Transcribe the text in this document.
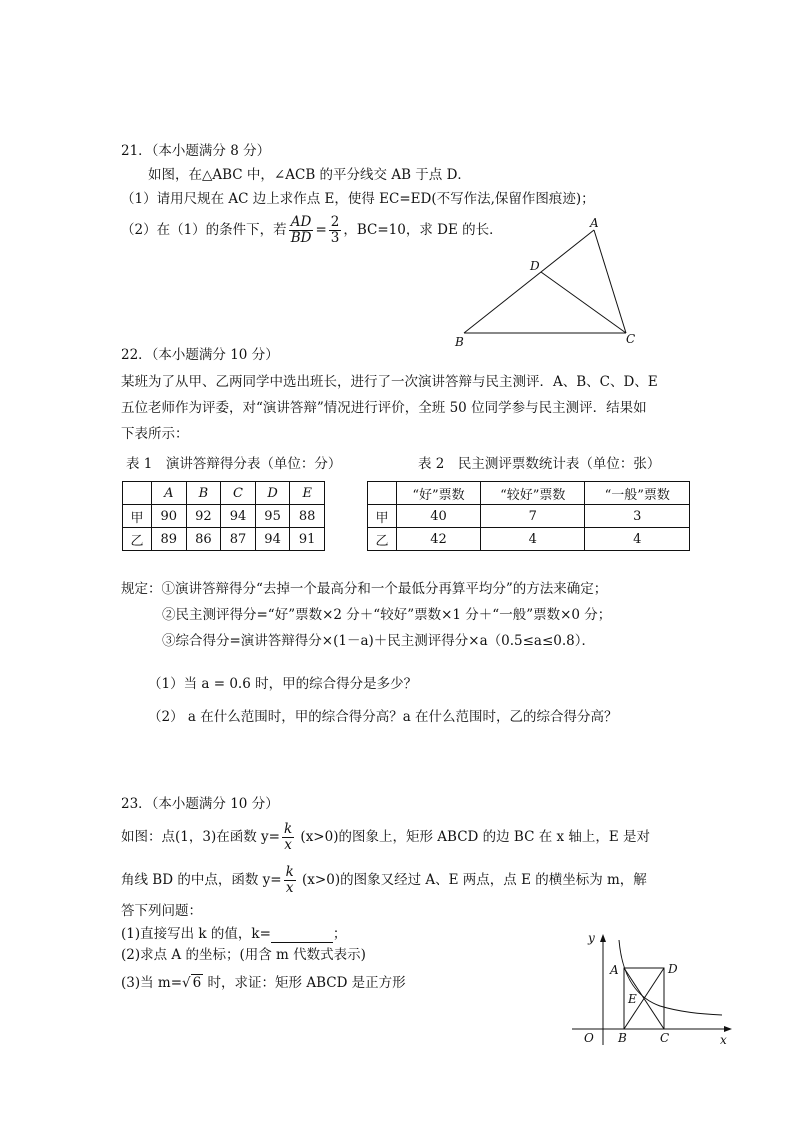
21．（本小题满分 8 分）
如图，在△ABC 中，∠ACB 的平分线交 AB 于点 D．
（1）请用尺规在 AC 边上求作点 E，使得 EC=ED(不写作法,保留作图痕迹)；
（2）在（1）的条件下，若 $\frac{AD}{BD} = \frac{2}{3}$ ，BC=10，求 DE 的长．	A
D
B	C
22．（本小题满分 10 分）
某班为了从甲、乙两同学中选出班长，进行了一次演讲答辩与民主测评．A、B、C、D、E
五位老师作为评委，对“演讲答辩”情况进行评价，全班 50 位同学参与民主测评．结果如
下表所示：
表 1　演讲答辩得分表（单位：分）	表 2　民主测评票数统计表（单位：张）
	A	B	C	D	E
甲	90	92	94	95	88
乙	89	86	87	94	91
	“好”票数	“较好”票数	“一般”票数
甲	40	7	3
乙	42	4	4
规定：①演讲答辩得分“去掉一个最高分和一个最低分再算平均分”的方法来确定；
②民主测评得分=“好”票数×2 分＋“较好”票数×1 分＋“一般”票数×0 分；
③综合得分=演讲答辩得分×(1－a)＋民主测评得分×a（0.5≤a≤0.8）．
（1）当 a = 0.6 时，甲的综合得分是多少？
（2） a 在什么范围时，甲的综合得分高？a 在什么范围时，乙的综合得分高？
23．（本小题满分 10 分）
如图：点(1，3)在函数 $y= \frac{k}{x} (x>0)$的图象上，矩形 ABCD 的边 BC 在 x 轴上，E 是对
角线 BD 的中点，函数 $y= \frac{k}{x} (x>0)$的图象又经过 A、E 两点，点 E 的横坐标为 m，解
答下列问题：
(1)直接写出 k 的值，k=	；
(2)求点 A 的坐标；(用含 m 代数式表示)
(3)当 m=√ 6 时，求证：矩形 ABCD 是正方形
y
x
O
A	D
E
B	C
